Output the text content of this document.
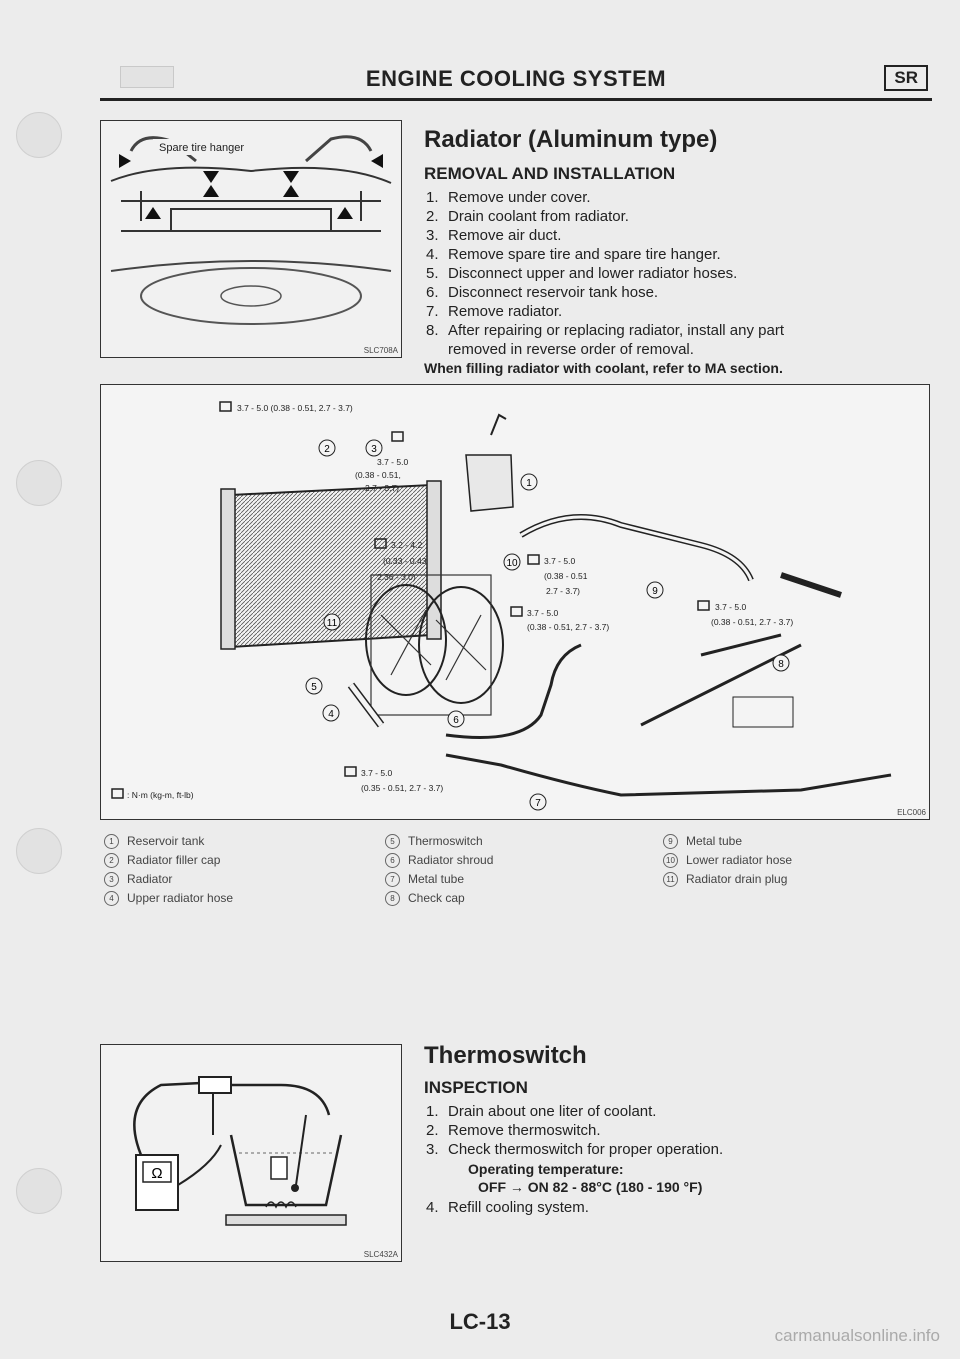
ENGINE COOLING SYSTEM	SR
Spare tire hanger
SLC708A
Radiator (Aluminum type)
REMOVAL AND INSTALLATION
1. Remove under cover.
2. Drain coolant from radiator.
3. Remove air duct.
4. Remove spare tire and spare tire hanger.
5. Disconnect upper and lower radiator hoses.
6. Disconnect reservoir tank hose.
7. Remove radiator.
8. After repairing or replacing radiator, install any part
removed in reverse order of removal.
When filling radiator with coolant, refer to MA section.
3.7 - 5.0 (0.38 - 0.51, 2.7 - 3.7)
3.7 - 5.0
(0.38 - 0.51,
2.7 - 3.7)
3.2 - 4.2
(0.33 - 0.43
2.36 - 3.0)
3.7 - 5.0
(0.38 - 0.51
2.7 - 3.7)
3.7 - 5.0
(0.38 - 0.51, 2.7 - 3.7)
3.7 - 5.0
(0.38 - 0.51, 2.7 - 3.7)
3.7 - 5.0
(0.35 - 0.51, 2.7 - 3.7)
: N·m (kg-m, ft-lb)
1
2	3
4
5
6
7
8
9
10
11
ELC006
1 Reservoir tank
2 Radiator filler cap
3 Radiator
4 Upper radiator hose
5 Thermoswitch
6 Radiator shroud
7 Metal tube
8 Check cap
9 Metal tube
10 Lower radiator hose
11 Radiator drain plug
Ω
SLC432A
Thermoswitch
INSPECTION
1. Drain about one liter of coolant.
2. Remove thermoswitch.
3. Check thermoswitch for proper operation.
Operating temperature:
OFF → ON 82 - 88°C (180 - 190 °F)
4. Refill cooling system.
LC-13
carmanualsonline.info
